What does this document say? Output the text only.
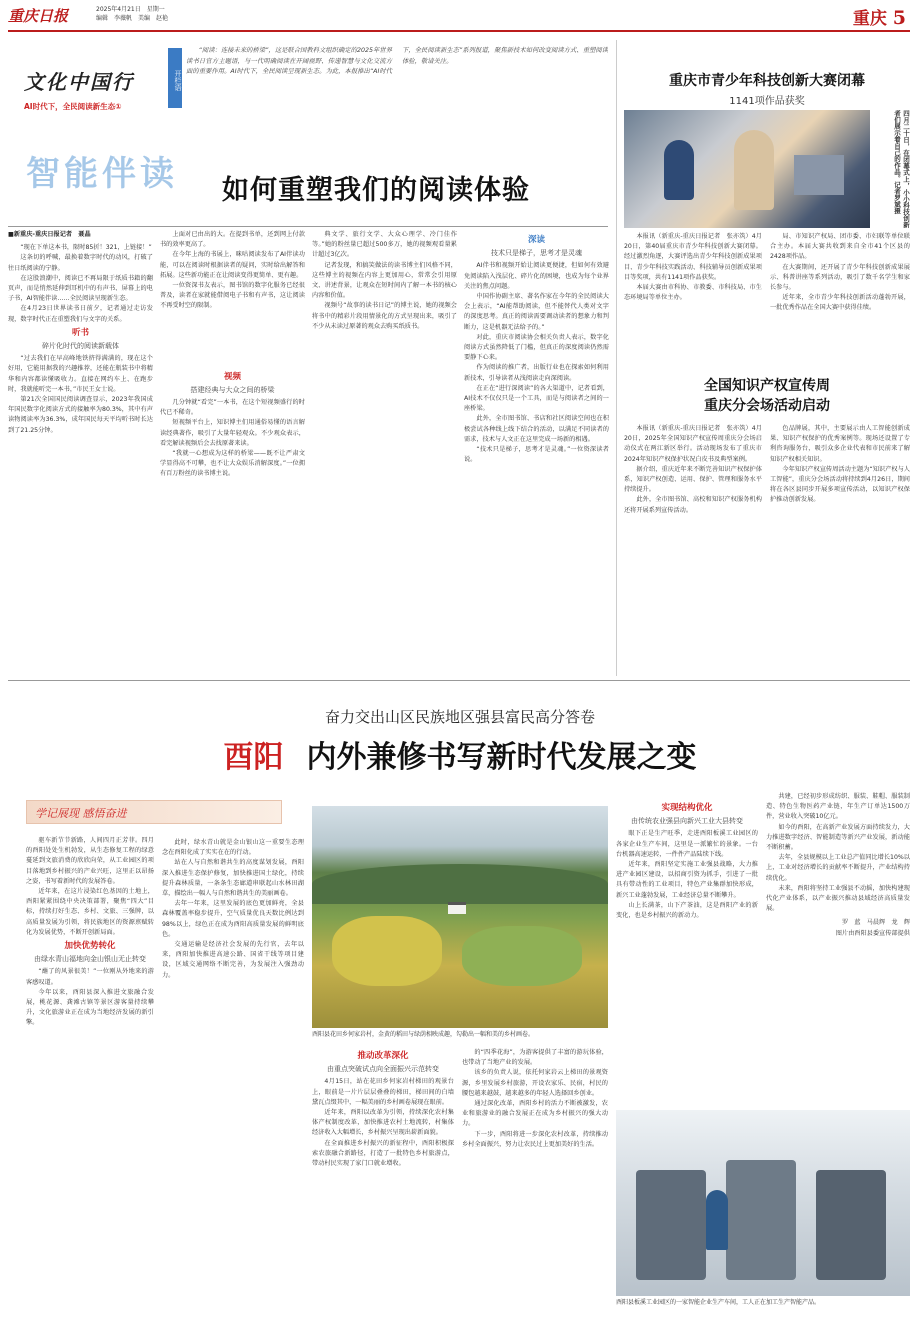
重庆日报	2025年4月21日　星期一
编辑　李薇帆　美编　赵艳	重庆 5
文化中国行
AI时代下，全民阅读新生态①
开栏语
“阅读：连接未来的桥梁”，这是联合国教科文组织确定的2025年世界读书日官方主题语，与一代明确阅读在开阔视野、传递智慧与文化交流方面的重要作用。AI时代下，全民阅读呈现新生态。为此，本报推出“AI时代下，全民阅读新生态”系列报道，聚焦新技术如何改变阅读方式、重塑阅读体验，敬请关注。
智能伴读 如何重塑我们的阅读体验
■新重庆-重庆日报记者　聂晶

“现在下单这本书，限时85折！321，上链接！”

这条切的呼喊，最换着数字时代的动风，打破了往日纸阅读的宁静。

在这股浪潮中，阅读已不再局限于纸质书籍的翻页声，而是悄然延伸到耳机中的有声书、屏幕上的电子书，AI智能伴读……全民阅读呈现新生态。

在4月23日世界读书日前夕，记者通过走访发现，数字时代正在重塑我们与文字的关系。

听书
碎片化时代的阅读新载体

“过去我们在早高峰地铁挤得满满的，现在这个好用，它能用据我的兴趣推荐，还能在瓶装书中将精华和内容都读懂吸收力。直接在网约车上、在跑步时，我就能听完一本书，”市民王女士说。

第21次全国国民阅读调查显示，2023年我国成年国民数字化阅读方式的接触率为80.3%，其中有声读物阅读率为36.3%，成年国民每天平均听书时长达到了21.25分钟。

上面对已由出的大。在提到书单，还到网上付款书的效率更高了。

在今年上海的书展上，咪咕阅读发布了AI伴读功能，可以在阅读时根据读者的疑问，实时给出解答和拓展。这些新功能正在让阅读变得更简单、更有趣。

一位资深书友表示，图书馆的数字化服务已经很普及，读者在家就能借阅电子书和有声书，这让阅读不再受时空的限制。

视频
搭建经典与大众之间的桥梁

几分钟就“看完”一本书，在这个短视频盛行的时代已不稀奇。

短视频平台上，知识博主们用通俗易懂的语言解读经典著作，吸引了大量年轻观众。不少观众表示，看完解读视频后会去找原著来读。

“我就一心想成为这样的桥梁——既不让严肃文学显得高不可攀，也不让大众娱乐消解深度。”一位拥有百万粉丝的读书博主说。

典文学、旅行文学、大众心理学、冷门佳作等。”她的粉丝量已超过500多万，她的视频观看量累计超过3亿次。

记者发现，和搞笑做法的读书博主们风格不同，这些博主的视频在内容上更加用心，常常会引用原文、讲述背景，让观众在短时间内了解一本书的核心内容和价值。

视频号“故事的读书日记”的博主说，她的视频会将书中的精彩片段用情景化的方式呈现出来，吸引了不少从未读过原著的观众去购买纸质书。

深读
技术只是梯子，思考才是灵魂

AI伴书和视频开始让阅读更便捷，但如何有效避免阅读陷入浅层化、碎片化的困境，也成为每个业界关注的焦点问题。

中国作协副主席、著名作家在今年的全民阅读大会上表示，“AI能帮助阅读，但不能替代人类对文字的深度思考。真正的阅读需要调动读者的想象力和判断力，这是机器无法给予的。”

对此，重庆市阅读协会相关负责人表示，数字化阅读方式虽然降低了门槛，但真正的深度阅读仍然需要静下心来。

作为阅读的推广者，出版行业也在探索如何利用新技术，引导读者从浅阅读走向深阅读。

在正在“进行深阅读”的各大渠道中，记者看到，AI技术不仅仅只是一个工具，而是与阅读者之间的一座桥梁。

此外，全市图书馆、书店和社区阅读空间也在积极尝试各种线上线下结合的活动，以满足不同读者的需求，技术与人文正在这里完成一场新的相遇。

“技术只是梯子，思考才是灵魂。”一位资深读者说。

重庆市青少年科技创新大赛闭幕
1141项作品获奖
四月二十日，在闭幕式上，小小科技创新者们展示着自己的作品。记者罗斌摄

本报讯（新重庆-重庆日报记者　张亦筑）4月20日，第40届重庆市青少年科技创新大赛闭幕。经过激烈角逐，大赛评选出青少年科技创新成果项目、青少年科技实践活动、科技辅导员创新成果项目等奖项，共有1141项作品获奖。

本届大赛由市科协、市教委、市科技局、市生态环境局等单位主办。

局、市知识产权局、团市委、市妇联等单位联合主办。本届大赛共收到来自全市41个区县的2428项作品。

在大赛期间，还开展了青少年科技创新成果展示、科普讲座等系列活动，吸引了数千名学生和家长参与。

近年来，全市青少年科技创新活动蓬勃开展，一批优秀作品在全国大赛中获得佳绩。

全国知识产权宣传周
重庆分会场活动启动

本报讯（新重庆-重庆日报记者　张亦筑）4月20日，2025年全国知识产权宣传周重庆分会场启动仪式在两江新区举行。活动现场发布了重庆市2024年知识产权保护状况白皮书及典型案例。

据介绍，重庆近年来不断完善知识产权保护体系，知识产权创造、运用、保护、管理和服务水平持续提升。

此外，全市图书馆、高校和知识产权服务机构还将开展系列宣传活动。

色品牌展，其中，主要展示由人工智能创新成果、知识产权保护的优秀案例等。现场还设置了专利咨询服务台，吸引众多企业代表和市民前来了解知识产权相关知识。

今年知识产权宣传周活动主题为“知识产权与人工智能”，重庆分会场活动将持续到4月26日，期间将在各区县同步开展多项宣传活动，以知识产权保护推动创新发展。

奋力交出山区民族地区强县富民高分答卷
酉阳 内外兼修书写新时代发展之变
学记展现 感悟奋进

驱车新节节新路，人间四月正芳菲。四月的酉阳处处生机勃发，从生态修复工程的绿意蔓延到文旅消费的欣欣向荣，从工业园区的项目落地到乡村振兴的产业兴旺，这里正以昂扬之姿，书写着新时代的发展答卷。

近年来，在这片浸染红色基因的土地上，酉阳紧紧围绕中央决策部署，聚焦“四大”目标，持续打好生态、乡村、文旅、三强牌，以高质量发展为引领，将民族地区的资源禀赋转化为发展优势，不断开创新局面。

加快优势转化
由绿水青山福地向金山银山无止转变

“蘸了的风景很美！”一位刚从外地来的游客感叹道。

今年以来，酉阳县深入推进文旅融合发展，桃花源、龚滩古镇等景区游客量持续攀升，文化旅游业正在成为当地经济发展的新引擎。

此时，绿水青山就是金山银山这一重要生态理念在酉阳化成了实实在在的行动。

站在人与自然和谐共生的高度谋划发展，酉阳深入推进生态保护修复，加快推进国土绿化，持续提升森林质量，一条条生态廊道串联起山水林田湖草，描绘出一幅人与自然和谐共生的美丽画卷。

去年一年来，这里发展的底色更加鲜亮，全县森林覆盖率稳步提升，空气质量优良天数比例达到98%以上，绿色正在成为酉阳高质量发展的鲜明底色。

交通运输是经济社会发展的先行官，去年以来，酉阳加快推进高速公路、国省干线等项目建设，区域交通网络不断完善，为发展注入强劲动力。

酉阳县花田乡何家岩村，金黄的稻田与绿荫相映成趣，勾勒出一幅和美的乡村画卷。
推动改革深化
由重点突破试点向全面振兴示范转变

4月15日，站在花田乡何家岩村梯田的观景台上，眼前是一片片层层叠叠的梯田，梯田间的白墙黛瓦点缀其中，一幅美丽的乡村画卷展现在眼前。

近年来，酉阳以改革为引领，持续深化农村集体产权制度改革，加快推进农村土地流转，村集体经济收入大幅增长，乡村振兴呈现出崭新面貌。

在全面推进乡村振兴的新征程中，酉阳积极探索农旅融合新路径，打造了一批特色乡村旅游点，带动村民实现了家门口就业增收。

的“四季花海”，为游客提供了丰富的游玩体验，也带动了当地产业的发展。

该乡的负责人说，依托何家岩云上梯田的景观资源，乡里发展乡村旅游，开设农家乐、民宿，村民的腰包越来越鼓，越来越多的年轻人选择回乡创业。

通过深化改革，酉阳乡村的活力不断被激发，农业和旅游业的融合发展正在成为乡村振兴的强大动力。

下一步，酉阳将进一步深化农村改革，持续推动乡村全面振兴，努力让农民过上更加美好的生活。

实现结构优化
由传统农业强县向新兴工业大县转变

眼下正是生产旺季，走进酉阳板溪工业园区的各家企业生产车间，这里是一派繁忙的景象。一台台机器高速运转，一件件产品陆续下线。

近年来，酉阳坚定实施工业强县战略，大力推进产业园区建设，以招商引资为抓手，引进了一批具有带动性的工业项目，特色产业集群加快形成，新兴工业蓬勃发展，工业经济总量不断攀升。

山上长满茶，山下产茶油，这是酉阳产业的新变化，也是乡村振兴的新动力。

共建，已经初步形成纺织、服装、鞋帽、服装制造、特色生物医药产业链，年生产订单达1500万件，营业收入突破10亿元。

如今的酉阳，在高新产业发展方面持续发力，大力推进数字经济、智能制造等新兴产业发展，新动能不断积蓄。

去年，全县规模以上工业总产值同比增长10%以上，工业对经济增长的贡献率不断提升，产业结构持续优化。

未来，酉阳将坚持工业强县不动摇，加快构建现代化产业体系，以产业振兴推动县域经济高质量发展。

罗　蓝　马晨辉　龙　辉
图片由酉阳县委宣传部提供
酉阳县板溪工业园区的一家智能企业生产车间，工人正在加工生产智能产品。
